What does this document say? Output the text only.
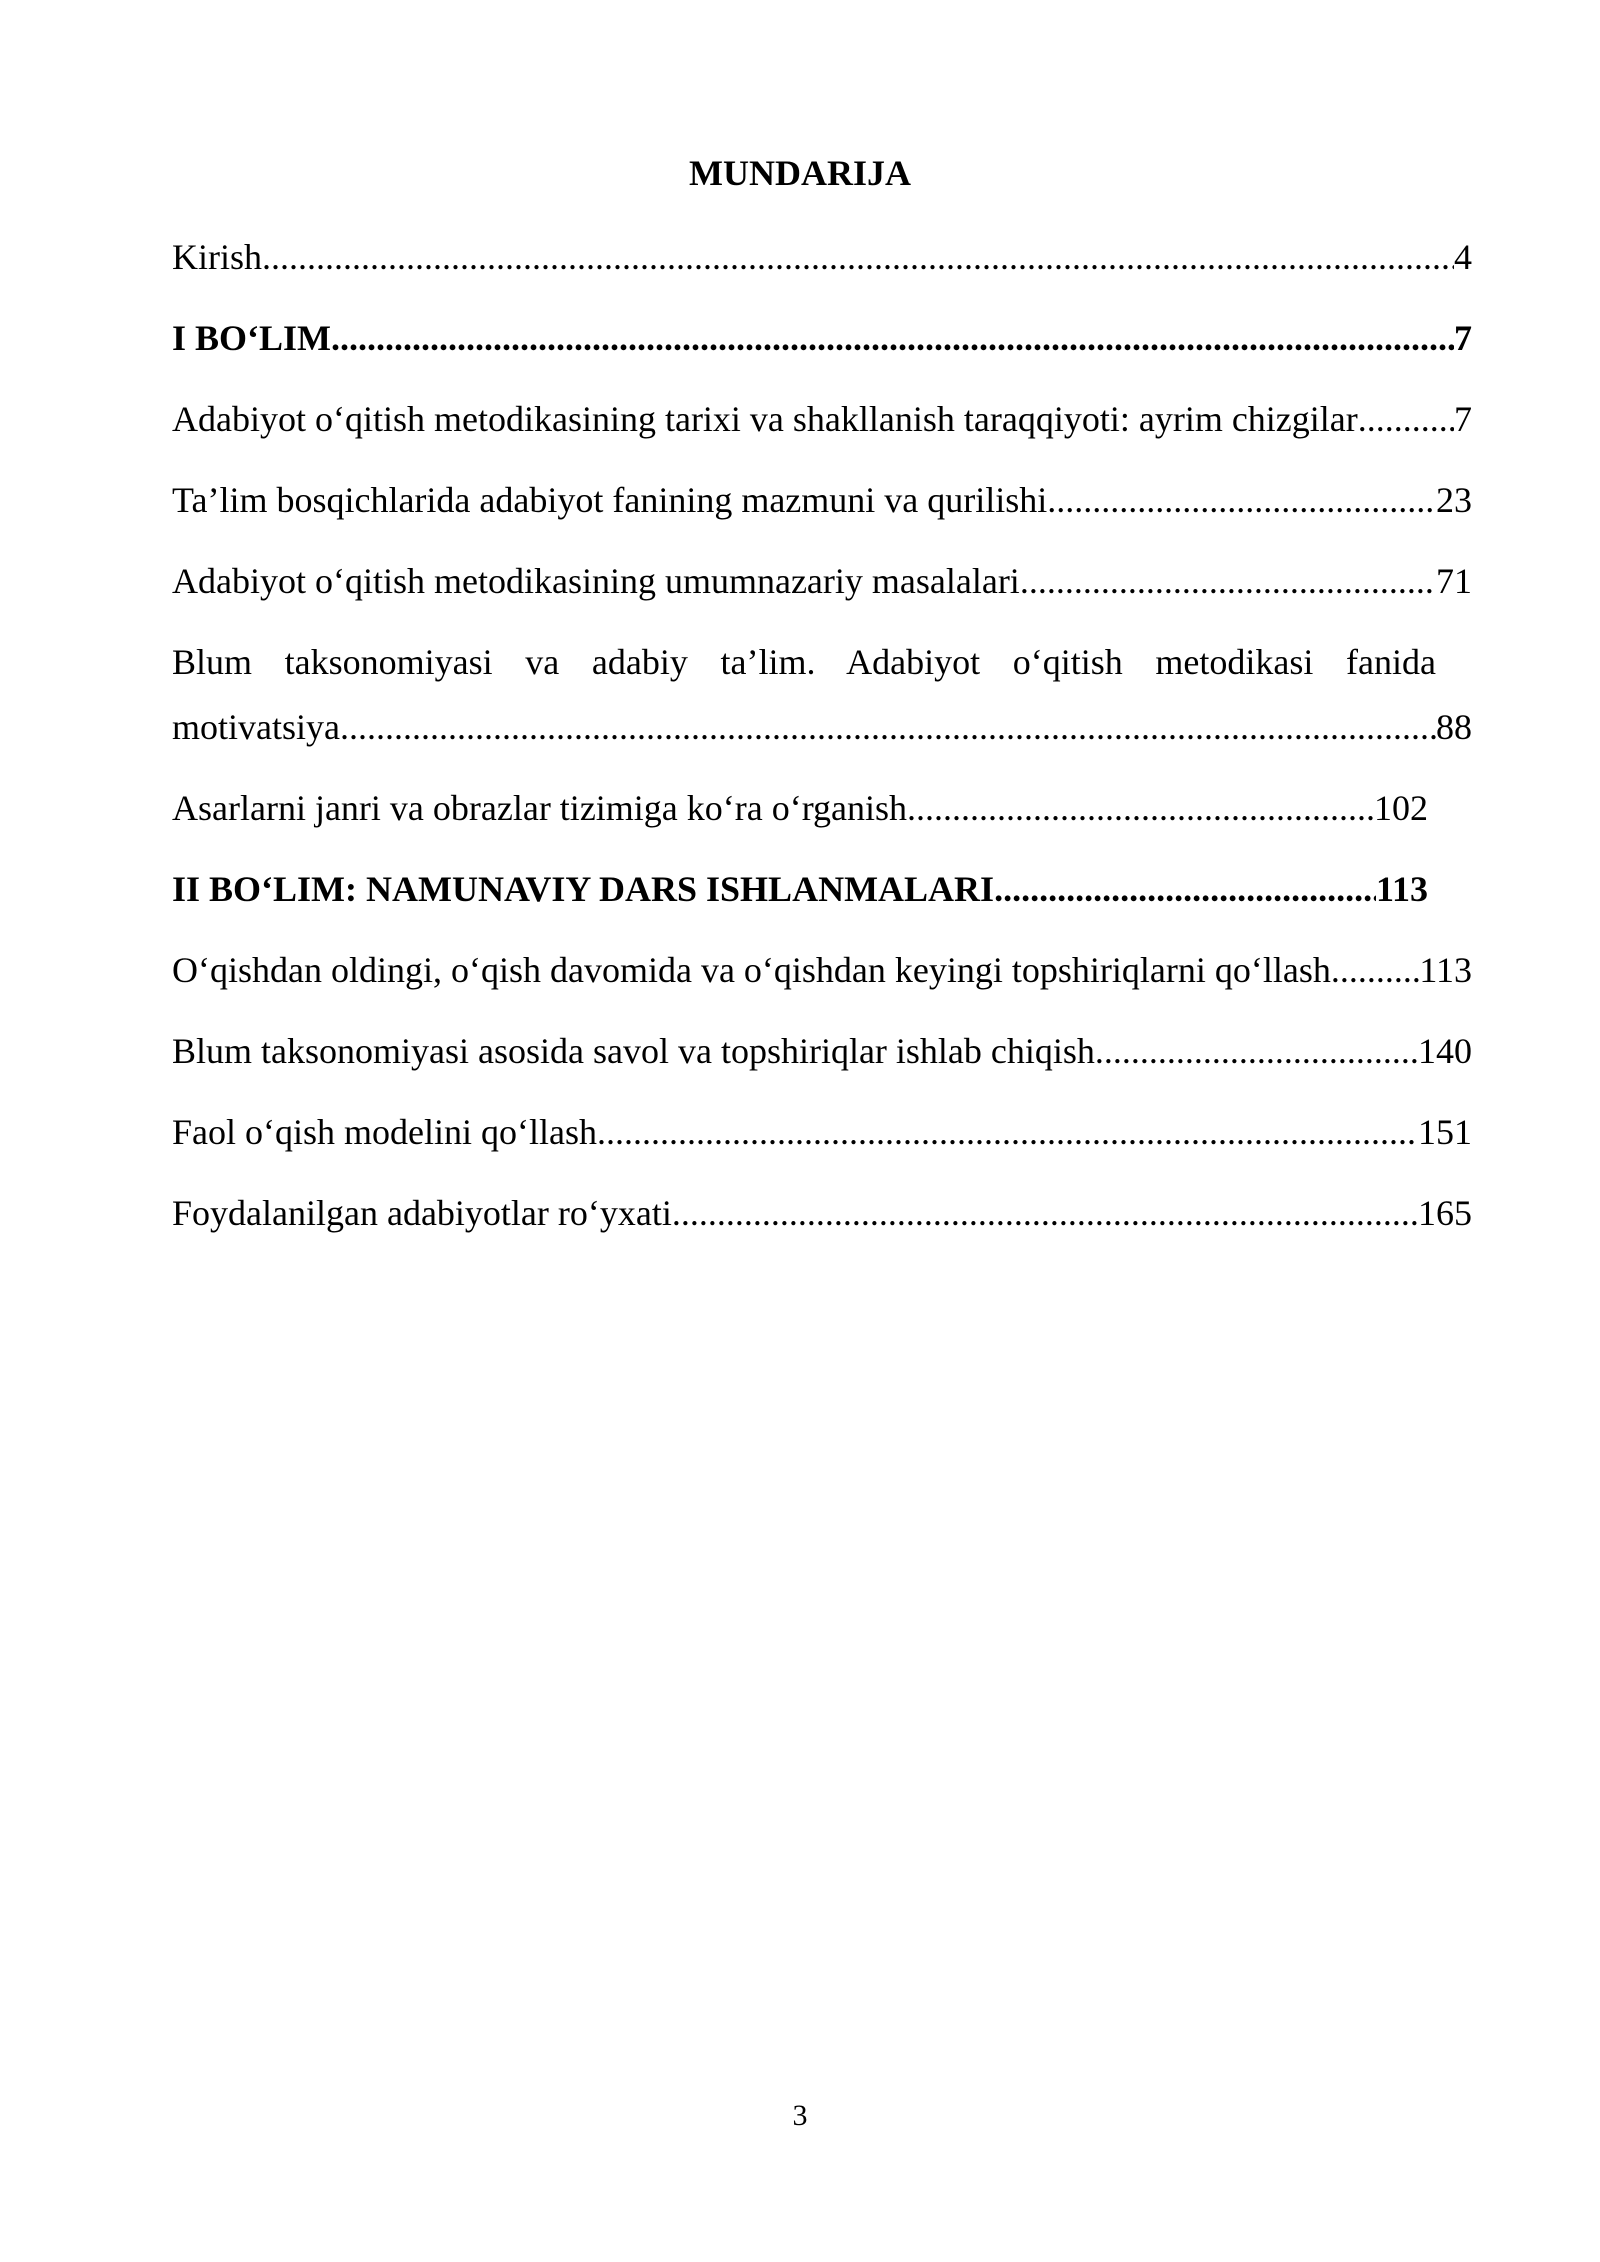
MUNDARIJA
Kirish .....	4
I BO‘LIM .....	7
Adabiyot o‘qitish metodikasining tarixi va shakllanish taraqqiyoti: ayrim chizgilar .....	7
Ta’lim bosqichlarida adabiyot fanining mazmuni va qurilishi .....	23
Adabiyot o‘qitish metodikasining umumnazariy masalalari .....	71
Blum taksonomiyasi va adabiy ta’lim. Adabiyot o‘qitish metodikasi fanida
motivatsiya .....	88
Asarlarni janri va obrazlar tizimiga ko‘ra o‘rganish .....	102
II BO‘LIM: NAMUNAVIY DARS ISHLANMALARI .....	113
O‘qishdan oldingi, o‘qish davomida va o‘qishdan keyingi topshiriqlarni qo‘llash ..... 113
Blum taksonomiyasi asosida savol va topshiriqlar ishlab chiqish .....	140
Faol o‘qish modelini qo‘llash .....	151
Foydalanilgan adabiyotlar ro‘yxati .....	165
3
